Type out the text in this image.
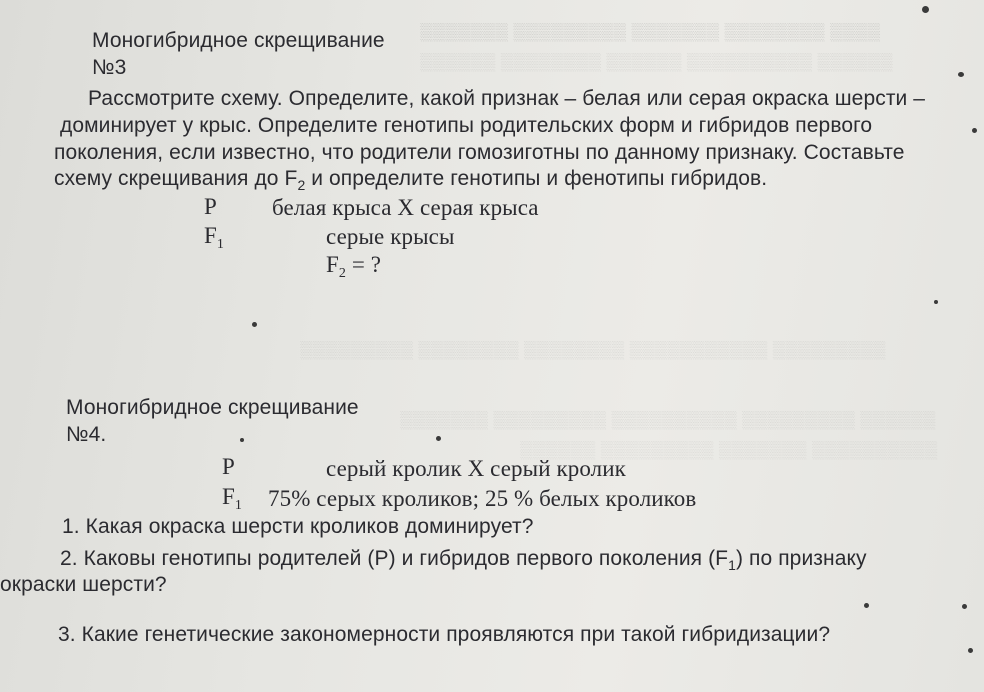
​▒▒▒▒ ▒▒▒▒▒▒▒▒ ▒▒▒▒▒▒▒ ▒▒▒▒▒▒▒▒▒ ▒▒▒▒▒▒▒
▒▒▒▒▒▒ ▒▒▒▒▒▒▒▒▒▒ ▒▒▒▒▒▒ ▒▒▒▒▒▒▒▒ ▒▒▒▒▒▒
▒▒▒▒▒▒▒▒▒ ▒▒▒▒▒▒▒▒▒▒▒ ▒▒▒▒▒▒▒▒ ▒▒▒▒▒▒▒▒ ▒▒▒▒▒▒▒▒▒
▒▒▒▒▒▒ ▒▒▒▒▒▒▒▒▒ ▒▒▒▒▒▒▒▒▒▒ ▒▒▒▒▒▒▒▒▒ ▒▒▒▒▒▒▒
▒▒▒▒▒▒▒▒▒▒ ▒▒▒▒▒▒▒ ▒▒▒▒▒▒▒▒▒ ▒▒▒▒▒▒
Моногибридное скрещивание
№3
Рассмотрите схему. Определите, какой признак – белая или серая окраска шерсти –
доминирует у крыс. Определите генотипы родительских форм и гибридов первого
поколения, если известно, что родители гомозиготны по данному признаку. Составьте
схему скрещивания до $F_2$ и определите генотипы и фенотипы гибридов.
P белая крыса X серая крыса
$F_1$	серые крысы
$F_2$ = ?
Моногибридное скрещивание
№4.
P	серый кролик X серый кролик
$F_1$ 75% серых кроликов; 25 % белых кроликов
1. Какая окраска шерсти кроликов доминирует?
2. Каковы генотипы родителей (P) и гибридов первого поколения $(F_1)$ по признаку
окраски шерсти?
3. Какие генетические закономерности проявляются при такой гибридизации?
